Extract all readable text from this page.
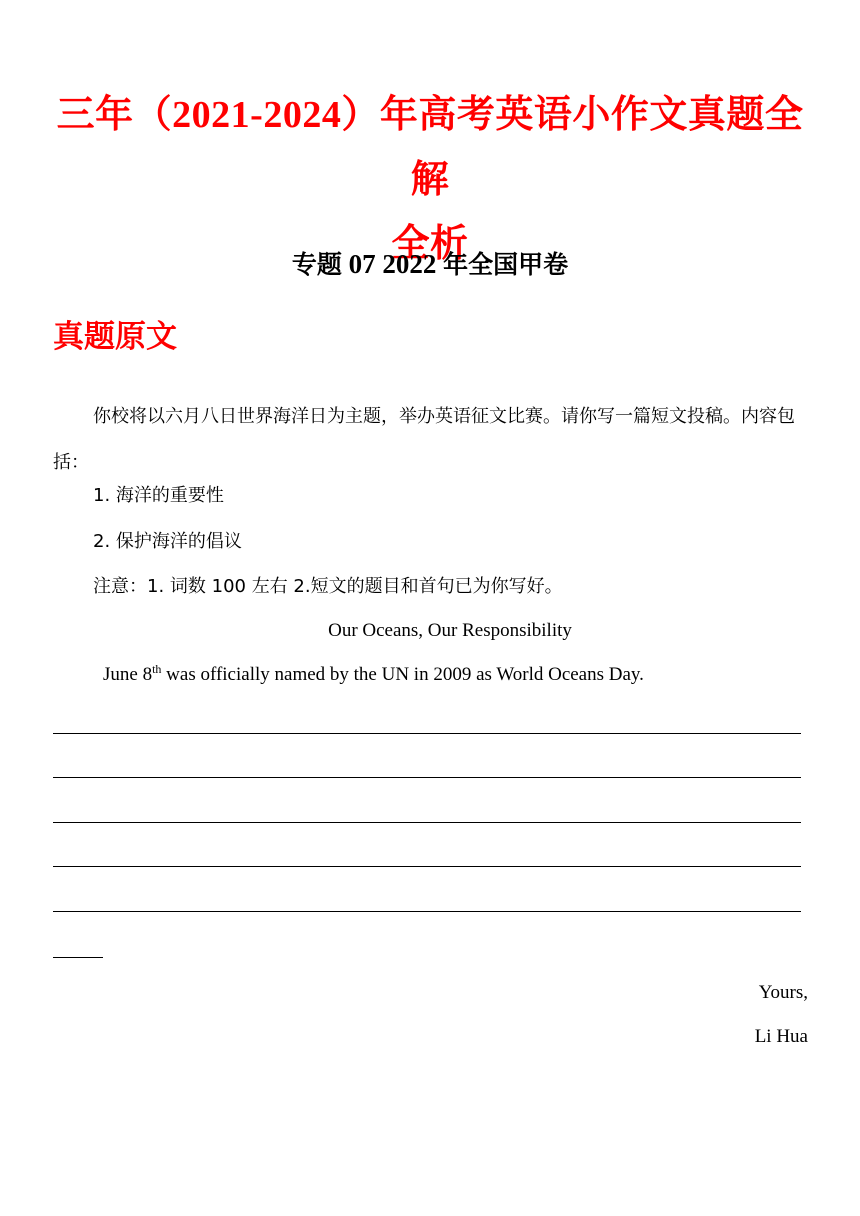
三年（2021-2024）年高考英语小作文真题全解
全析
专题 07 2022 年全国甲卷
真题原文
你校将以六月八日世界海洋日为主题，举办英语征文比赛。请你写一篇短文投稿。内容包括：
1. 海洋的重要性
2. 保护海洋的倡议
注意：1. 词数 100 左右 2.短文的题目和首句已为你写好。
Our Oceans, Our Responsibility
June 8th was officially named by the UN in 2009 as World Oceans Day.
Yours,
Li Hua
